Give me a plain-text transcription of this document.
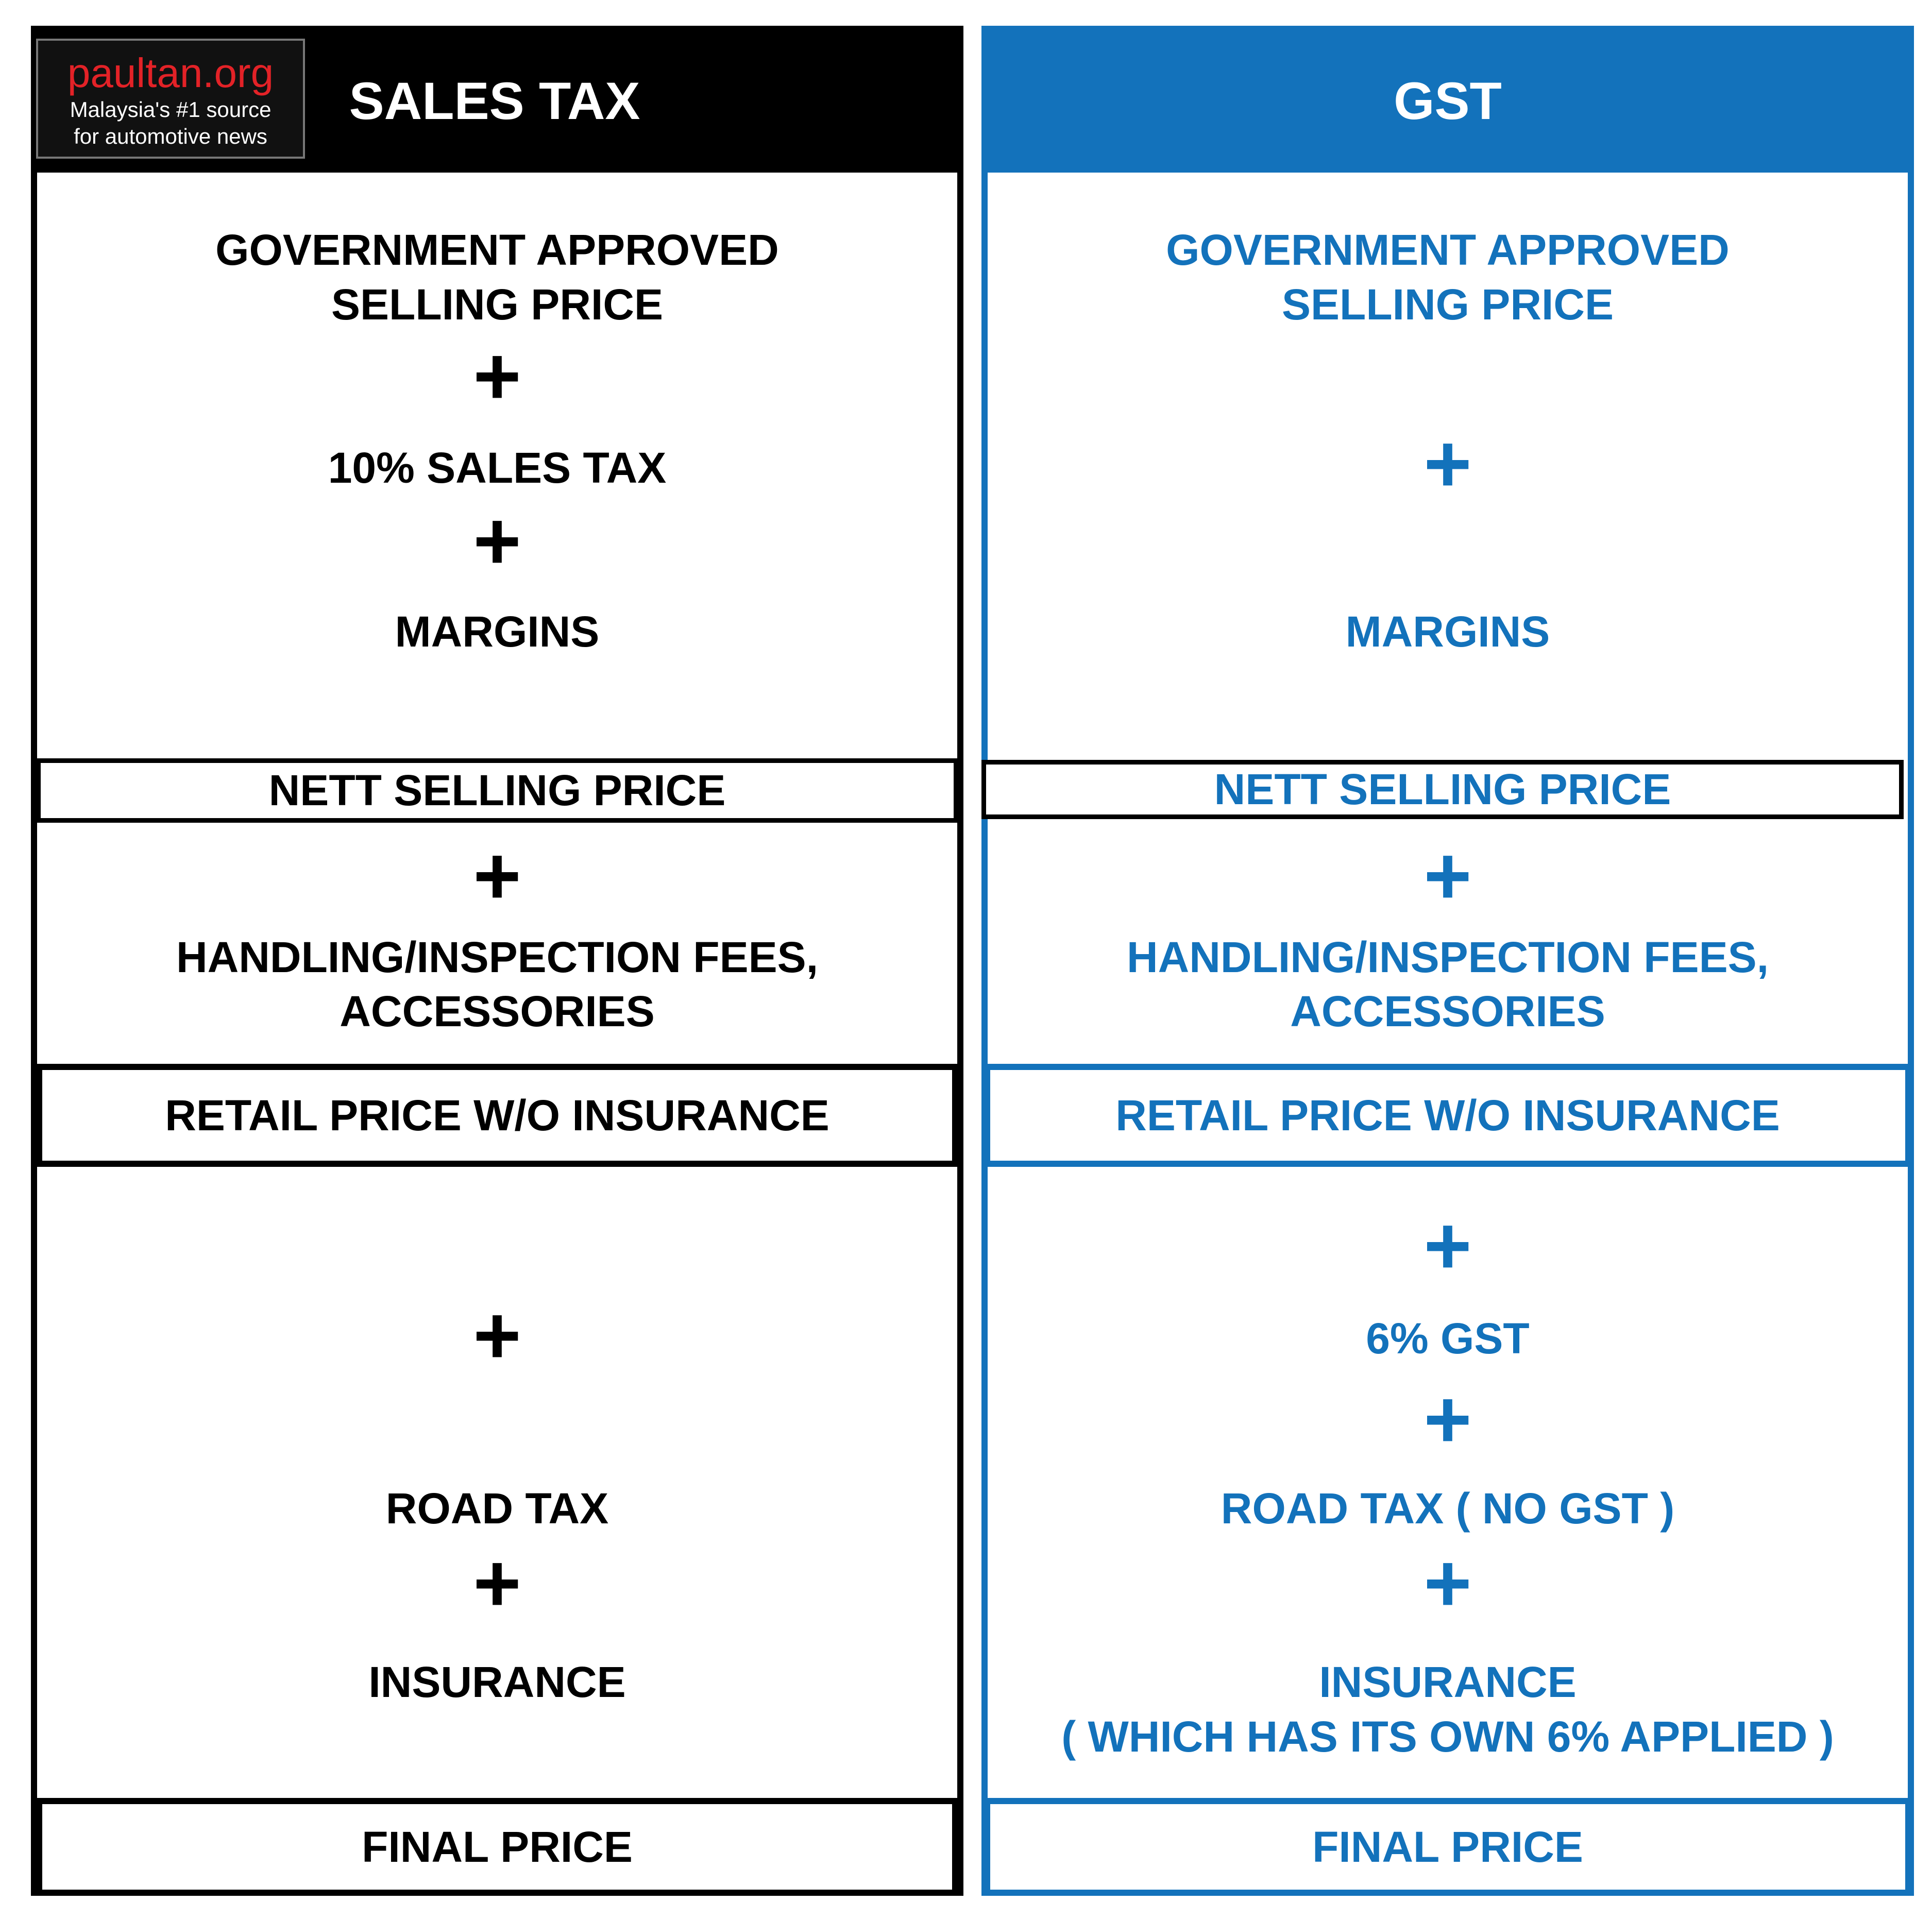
paultan.org
Malaysia's #1 source
for automotive news
SALES TAX	GST
GOVERNMENT APPROVED
SELLING PRICE
+
10% SALES TAX
+
MARGINS
NETT SELLING PRICE
+
HANDLING/INSPECTION FEES,
ACCESSORIES
RETAIL PRICE W/O INSURANCE
+
ROAD TAX
+
INSURANCE
FINAL PRICE
GOVERNMENT APPROVED
SELLING PRICE
+
MARGINS
NETT SELLING PRICE
+
HANDLING/INSPECTION FEES,
ACCESSORIES
RETAIL PRICE W/O INSURANCE
+
6% GST
+
ROAD TAX ( NO GST )
+
INSURANCE
( WHICH HAS ITS OWN 6% APPLIED )
FINAL PRICE
